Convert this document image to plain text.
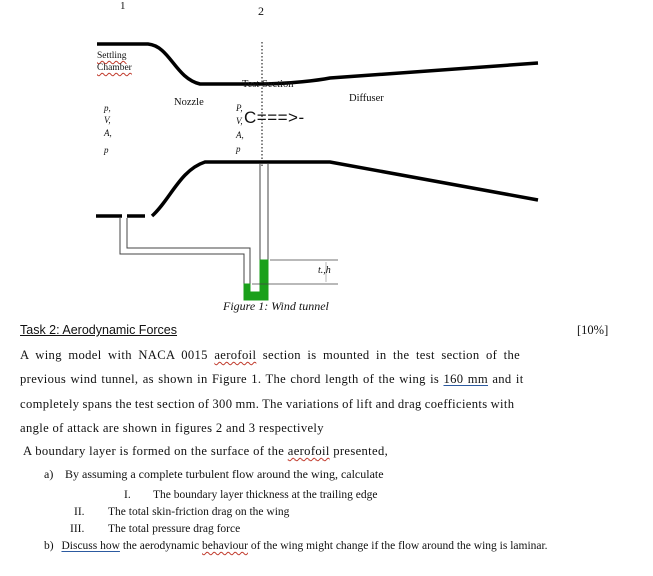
1	2
Settling
Chamber
Nozzle
Test Section
Diffuser
p,
V,
A,
p
P,
V,
A,
p
C===>-
t.,h
Figure 1: Wind tunnel
Task 2: Aerodynamic Forces	[10%]
A wing model with NACA 0015 aerofoil section is mounted in the test section of the
previous wind tunnel, as shown in Figure 1. The chord length of the wing is 160 mm and it
completely spans the test section of 300 mm. The variations of lift and drag coefficients with
angle of attack are shown in figures 2 and 3 respectively
A boundary layer is formed on the surface of the aerofoil presented,
a) By assuming a complete turbulent flow around the wing, calculate
I. The boundary layer thickness at the trailing edge
II. The total skin-friction drag on the wing
III. The total pressure drag force
b) Discuss how the aerodynamic behaviour of the wing might change if the flow around the wing is laminar.
